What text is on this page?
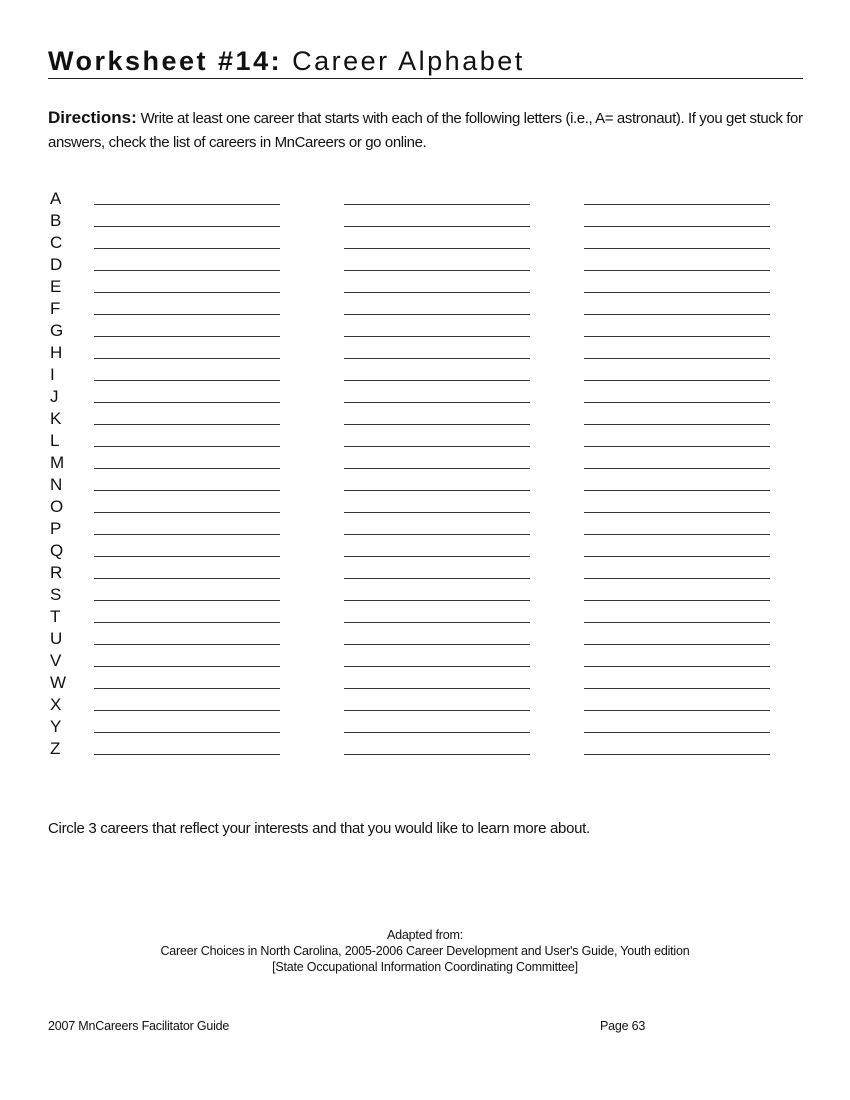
Worksheet #14: Career Alphabet
Directions: Write at least one career that starts with each of the following letters (i.e., A= astronaut). If you get stuck for answers, check the list of careers in MnCareers or go online.
A
B
C
D
E
F
G
H
I
J
K
L
M
N
O
P
Q
R
S
T
U
V
W
X
Y
Z
Circle 3 careers that reflect your interests and that you would like to learn more about.
Adapted from:
Career Choices in North Carolina, 2005-2006 Career Development and User's Guide, Youth edition
[State Occupational Information Coordinating Committee]
2007 MnCareers Facilitator Guide	Page 63
